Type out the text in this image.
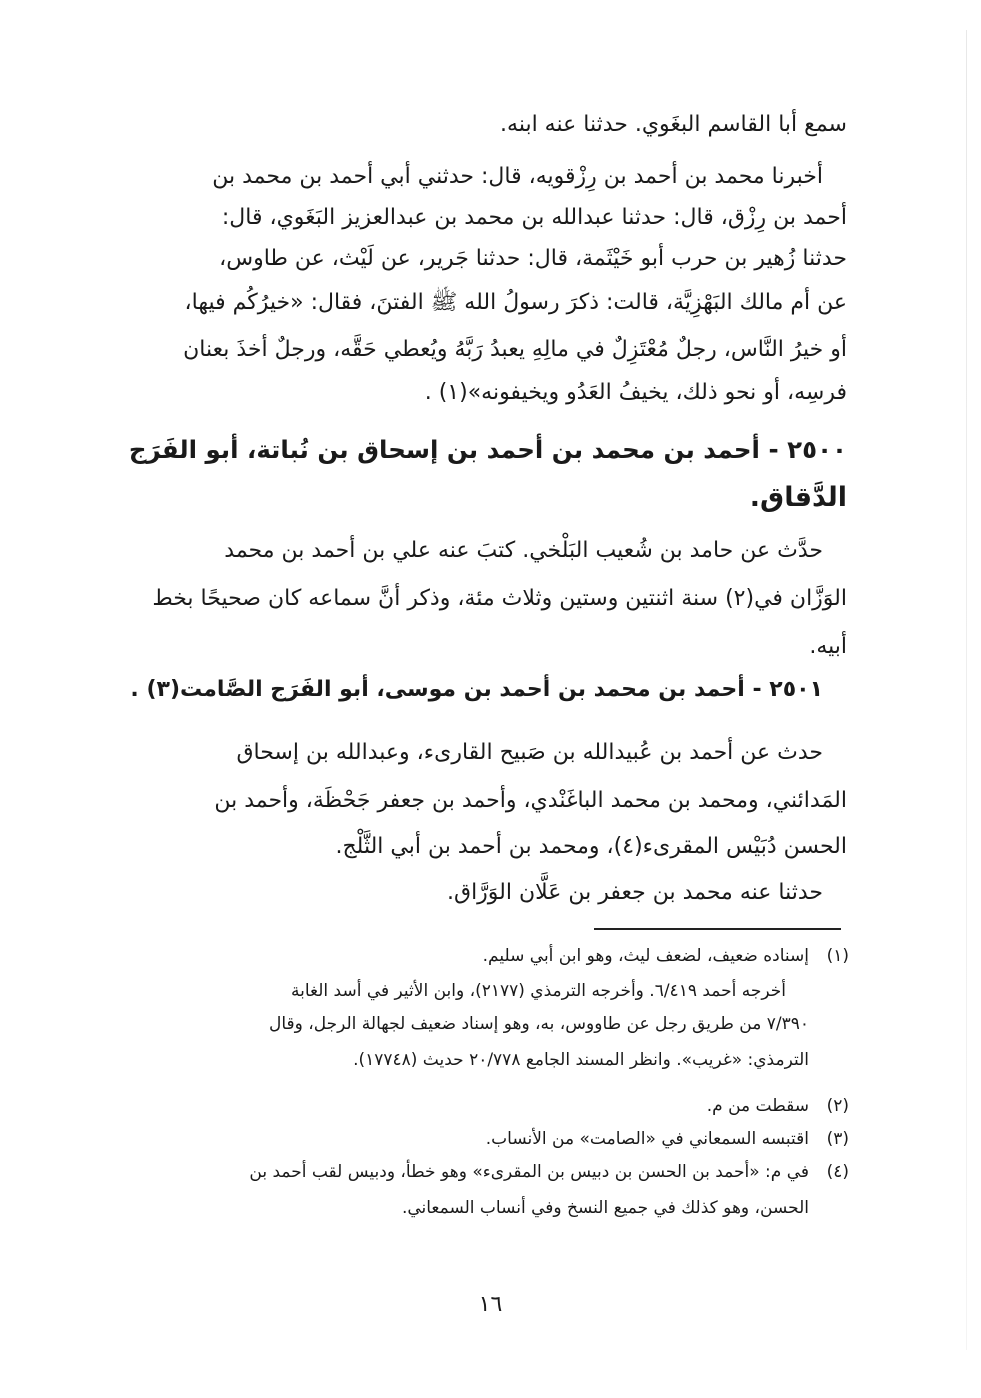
سمع أبا القاسم البغَوي. حدثنا عنه ابنه.
أخبرنا محمد بن أحمد بن رِزْقويه، قال: حدثني أبي أحمد بن محمد بن
أحمد بن رِزْق، قال: حدثنا عبدالله بن محمد بن عبدالعزيز البَغَوي، قال:
حدثنا زُهير بن حرب أبو خَيْثَمة، قال: حدثنا جَرير، عن لَيْث، عن طاوس،
عن أم مالك البَهْزِيَّة، قالت: ذكرَ رسولُ الله ﷺ الفتنَ، فقال: «خيرُكُم فيها،
أو خيرُ النَّاس، رجلٌ مُعْتَزِلٌ في مالِهِ يعبدُ رَبَّهُ ويُعطي حَقَّه، ورجلٌ أخذَ بعنان
فرسِه، أو نحو ذلك، يخيفُ العَدُو ويخيفونه»(١) .
٢٥٠٠ - أحمد بن محمد بن أحمد بن إسحاق بن نُباتة، أبو الفَرَج
الدَّقاق.
حدَّث عن حامد بن شُعيب البَلْخي. كتبَ عنه علي بن أحمد بن محمد
الوَزَّان في(٢) سنة اثنتين وستين وثلاث مئة، وذكر أنَّ سماعه كان صحيحًا بخط
أبيه.
٢٥٠١ - أحمد بن محمد بن أحمد بن موسى، أبو الفَرَج الصَّامت(٣) .
حدث عن أحمد بن عُبيدالله بن صَبيح القارىء، وعبدالله بن إسحاق
المَدائني، ومحمد بن محمد الباغَنْدي، وأحمد بن جعفر جَحْظَة، وأحمد بن
الحسن دُبَيْس المقرىء(٤)، ومحمد بن أحمد بن أبي الثَّلْج.
حدثنا عنه محمد بن جعفر بن عَلَّان الوَرَّاق.
(١)
إسناده ضعيف، لضعف ليث، وهو ابن أبي سليم.
أخرجه أحمد ٦/٤١٩. وأخرجه الترمذي (٢١٧٧)، وابن الأثير في أسد الغابة
٧/٣٩٠ من طريق رجل عن طاووس، به، وهو إسناد ضعيف لجهالة الرجل، وقال
الترمذي: «غريب». وانظر المسند الجامع ٢٠/٧٧٨ حديث (١٧٧٤٨).
(٢)
سقطت من م.
(٣)
اقتبسه السمعاني في «الصامت» من الأنساب.
(٤)
في م: «أحمد بن الحسن بن دبيس بن المقرىء» وهو خطأ، ودبيس لقب أحمد بن
الحسن، وهو كذلك في جميع النسخ وفي أنساب السمعاني.
١٦
